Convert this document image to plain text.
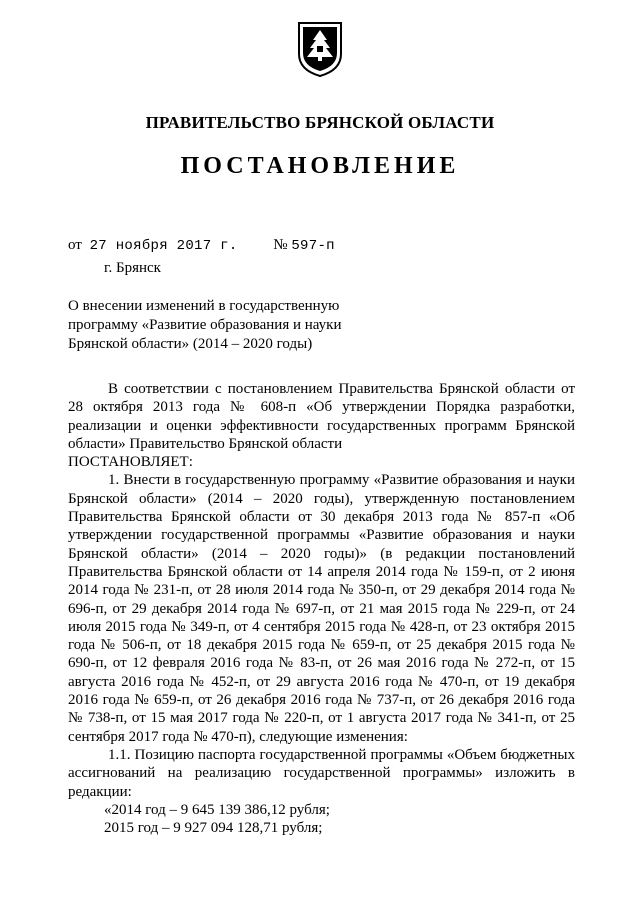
ПРАВИТЕЛЬСТВО БРЯНСКОЙ ОБЛАСТИ
ПОСТАНОВЛЕНИЕ
от 27 ноября 2017 г. № 597-п
г. Брянск
О внесении изменений в государственную
программу «Развитие образования и науки
Брянской области» (2014 – 2020 годы)

В соответствии с постановлением Правительства Брянской области от 28 октября 2013 года № 608-п «Об утверждении Порядка разработки, реализации и оценки эффективности государственных программ Брянской области» Правительство Брянской области

ПОСТАНОВЛЯЕТ:

1. Внести в государственную программу «Развитие образования и науки Брянской области» (2014 – 2020 годы), утвержденную постановлением Правительства Брянской области от 30 декабря 2013 года № 857-п «Об утверждении государственной программы «Развитие образования и науки Брянской области» (2014 – 2020 годы)» (в редакции постановлений Правительства Брянской области от 14 апреля 2014 года № 159-п, от 2 июня 2014 года № 231-п, от 28 июля 2014 года № 350-п, от 29 декабря 2014 года № 696-п, от 29 декабря 2014 года № 697-п, от 21 мая 2015 года № 229-п, от 24 июля 2015 года № 349-п, от 4 сентября 2015 года № 428-п, от 23 октября 2015 года № 506-п, от 18 декабря 2015 года № 659-п, от 25 декабря 2015 года № 690-п, от 12 февраля 2016 года № 83-п, от 26 мая 2016 года № 272-п, от 15 августа 2016 года № 452-п, от 29 августа 2016 года № 470-п, от 19 декабря 2016 года № 659-п, от 26 декабря 2016 года № 737-п, от 26 декабря 2016 года № 738-п, от 15 мая 2017 года № 220-п, от 1 августа 2017 года № 341-п, от 25 сентября 2017 года № 470-п), следующие изменения:

1.1. Позицию паспорта государственной программы «Объем бюджетных ассигнований на реализацию государственной программы» изложить в редакции:

«2014 год – 9 645 139 386,12 рубля;

2015 год – 9 927 094 128,71 рубля;
